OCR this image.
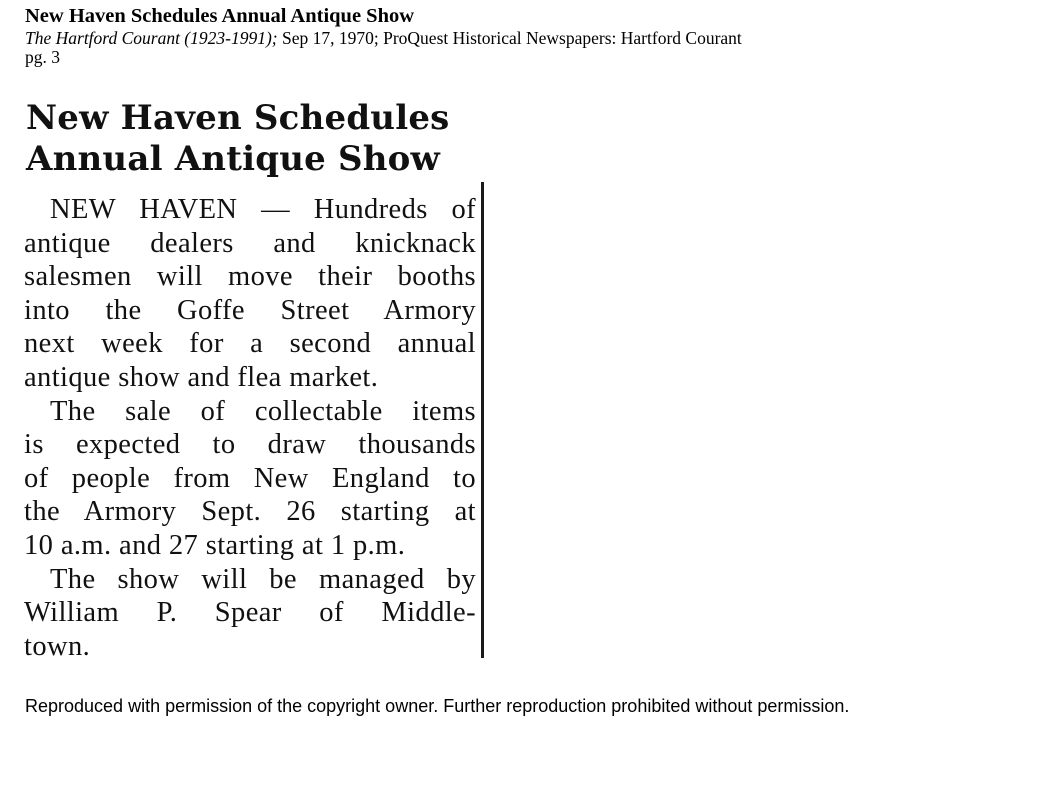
New Haven Schedules Annual Antique Show
The Hartford Courant (1923-1991); Sep 17, 1970; ProQuest Historical Newspapers: Hartford Courant
pg. 3
New Haven Schedules
Annual Antique Show
NEW HAVEN — Hundreds of
antique dealers and knicknack
salesmen will move their booths
into the Goffe Street Armory
next week for a second annual
antique show and flea market.
The sale of collectable items
is expected to draw thousands
of people from New England to
the Armory Sept. 26 starting at
10 a.m. and 27 starting at 1 p.m.
The show will be managed by
William P. Spear of Middle-
town.
Reproduced with permission of the copyright owner. Further reproduction prohibited without permission.
